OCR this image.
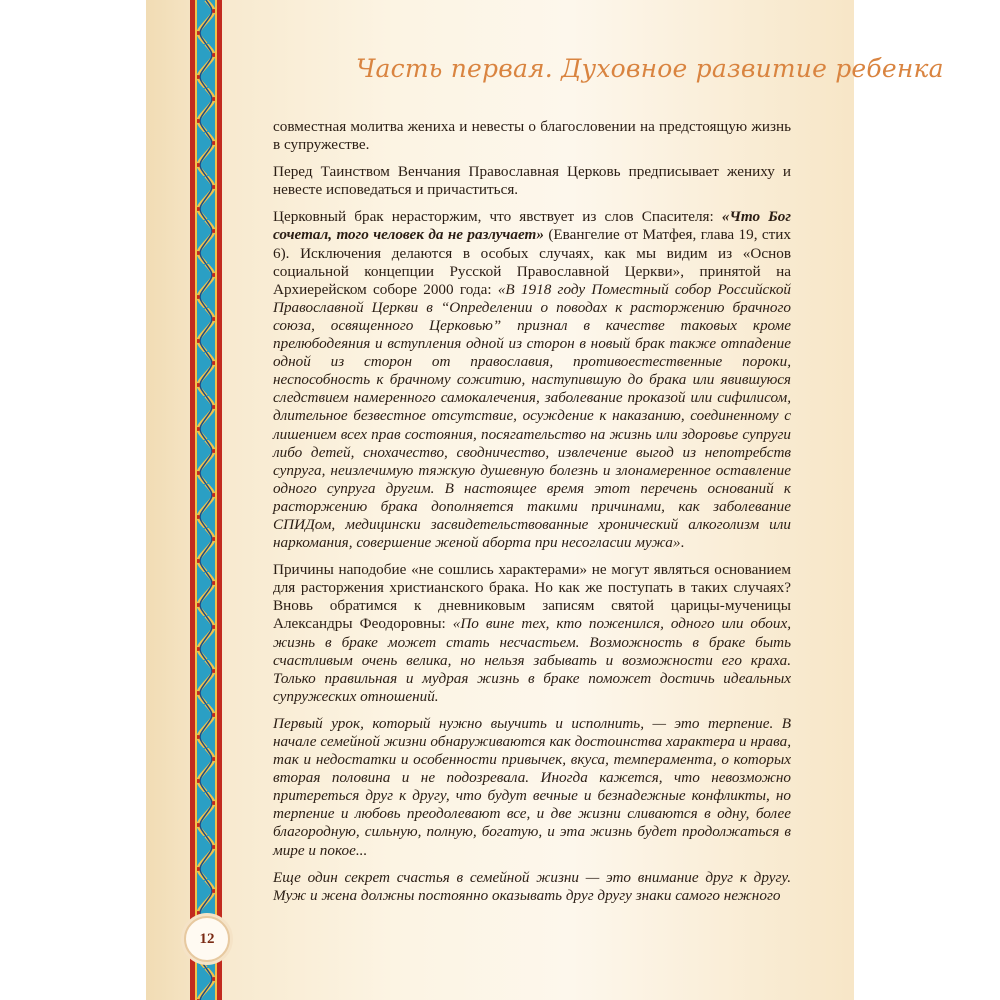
Часть первая. Духовное развитие ребенка

совместная молитва жениха и невесты о благословении на предстоящую жизнь в супружестве.

Перед Таинством Венчания Православная Церковь предписывает жениху и невесте исповедаться и причаститься.

Церковный брак нерасторжим, что явствует из слов Спасителя: «Что Бог сочетал, того человек да не разлучает» (Евангелие от Матфея, глава 19, стих 6). Исключения делаются в особых случаях, как мы видим из «Основ социальной концепции Русской Православной Церкви», принятой на Архиерейском соборе 2000 года: «В 1918 году Поместный собор Российской Православной Церкви в “Определении о поводах к расторжению брачного союза, освященного Церковью” признал в качестве таковых кроме прелюбодеяния и вступления одной из сторон в новый брак также отпадение одной из сторон от православия, противоестественные пороки, неспособность к брачному сожитию, наступившую до брака или явившуюся следствием намеренного самокалечения, заболевание проказой или сифилисом, длительное безвестное отсутствие, осуждение к наказанию, соединенному с лишением всех прав состояния, посягательство на жизнь или здоровье супруги либо детей, снохачество, сводничество, извлечение выгод из непотребств супруга, неизлечимую тяжкую душевную болезнь и злонамеренное оставление одного супруга другим. В настоящее время этот перечень оснований к расторжению брака дополняется такими причинами, как заболевание СПИДом, медицински засвидетельствованные хронический алкоголизм или наркомания, совершение женой аборта при несогласии мужа».

Причины наподобие «не сошлись характерами» не могут являться основанием для расторжения христианского брака. Но как же поступать в таких случаях? Вновь обратимся к дневниковым записям святой царицы-мученицы Александры Феодоровны: «По вине тех, кто поженился, одного или обоих, жизнь в браке может стать несчастьем. Возможность в браке быть счастливым очень велика, но нельзя забывать и возможности его краха. Только правильная и мудрая жизнь в браке поможет достичь идеальных супружеских отношений.

Первый урок, который нужно выучить и исполнить, — это терпение. В начале семейной жизни обнаруживаются как достоинства характера и нрава, так и недостатки и особенности привычек, вкуса, темперамента, о которых вторая половина и не подозревала. Иногда кажется, что невозможно притереться друг к другу, что будут вечные и безнадежные конфликты, но терпение и любовь преодолевают все, и две жизни сливаются в одну, более благородную, сильную, полную, богатую, и эта жизнь будет продолжаться в мире и покое...

Еще один секрет счастья в семейной жизни — это внимание друг к другу. Муж и жена должны постоянно оказывать друг другу знаки самого нежного

12
